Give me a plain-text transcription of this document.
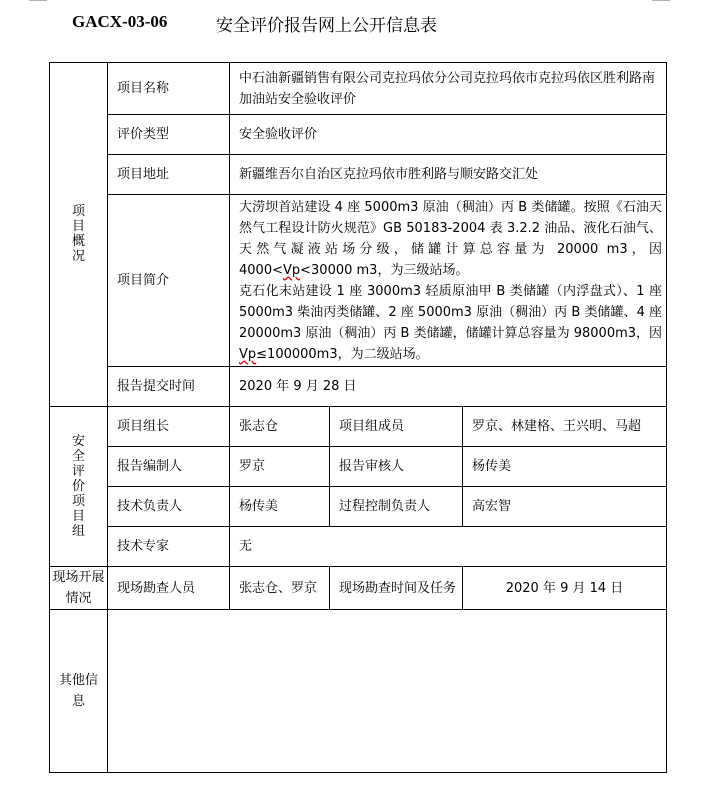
GACX-03-06	安全评价报告网上公开信息表
项目概况	项目名称	中石油新疆销售有限公司克拉玛依分公司克拉玛依市克拉玛依区胜利路南加油站安全验收评价		
	评价类型	安全验收评价		
	项目地址	新疆维吾尔自治区克拉玛依市胜利路与顺安路交汇处		
	项目简介	大涝坝首站建设 4 座 5000m3 原油（稠油）丙 B 类储罐。按照《石油天然气工程设计防火规范》GB 50183-2004 表 3.2.2 油品、液化石油气、天然气凝液站场分级，储罐计算总容量为 20000 m3，因 4000<Vp<30000 m3，为三级站场。
克石化末站建设 1 座 3000m3 轻质原油甲 B 类储罐（内浮盘式）、1 座 5000m3 柴油丙类储罐、2 座 5000m3 原油（稠油）丙 B 类储罐、4 座 20000m3 原油（稠油）丙 B 类储罐，储罐计算总容量为 98000m3，因 Vp≤100000m3，为二级站场。		

	报告提交时间	2020 年 9 月 28 日		
安全评价项目组	项目组长	张志仓	项目组成员	罗京、林建格、王兴明、马超
	报告编制人	罗京	报告审核人	杨传美
	技术负责人	杨传美	过程控制负责人	高宏智
	技术专家	无		
现场开展情况	现场勘查人员	张志仓、罗京	现场勘查时间及任务	2020 年 9 月 14 日
其他信息				
